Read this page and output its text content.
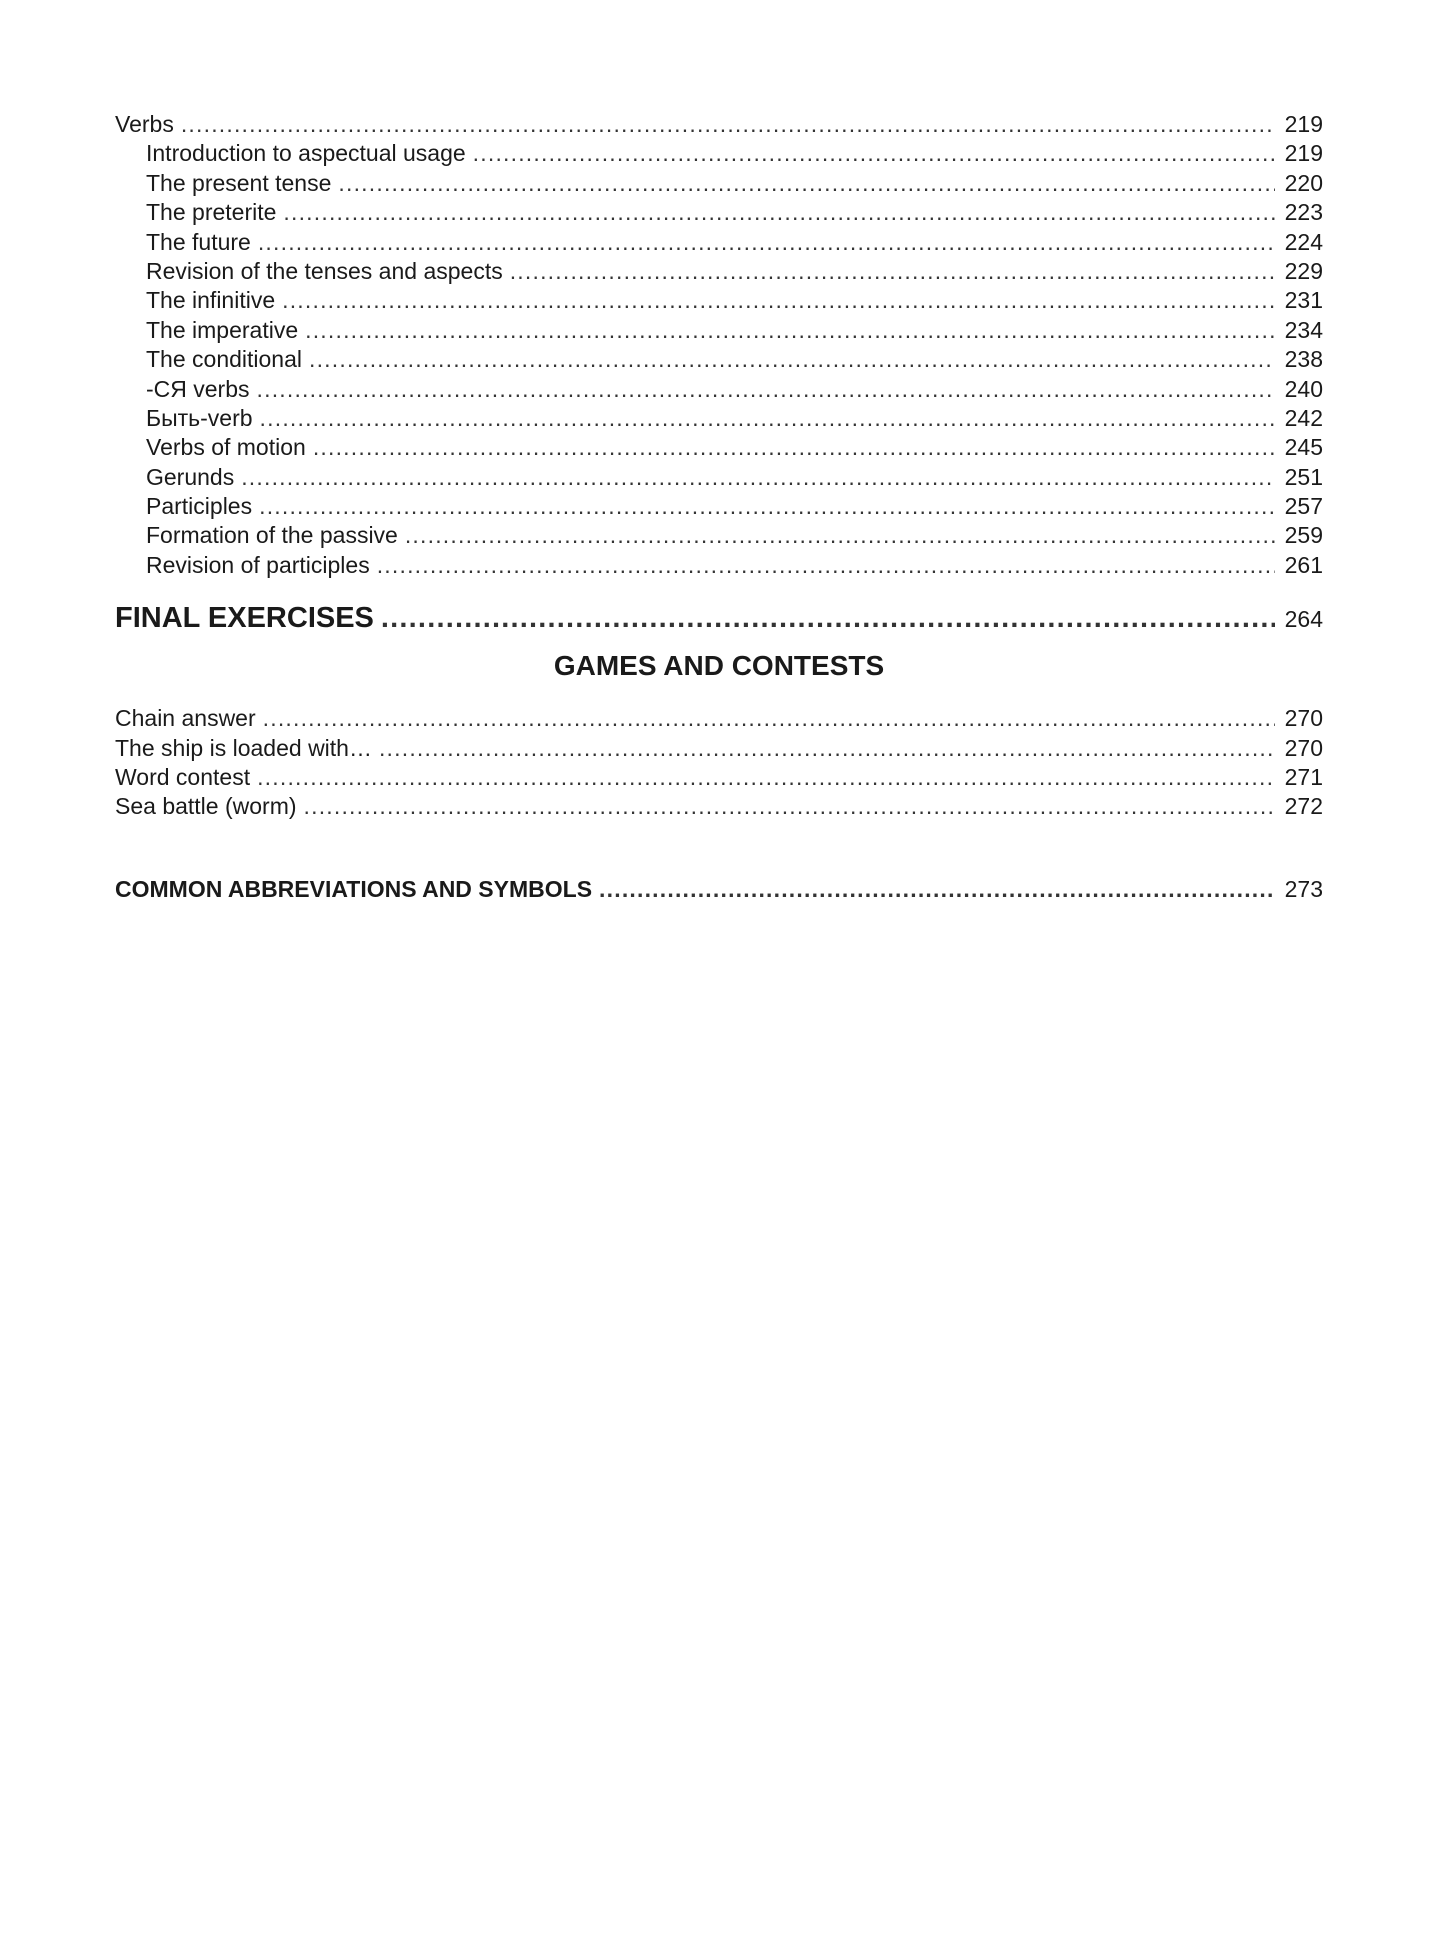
Verbs .....	219
Introduction to aspectual usage .....	219
The present tense .....	220
The preterite .....	223
The future .....	224
Revision of the tenses and aspects .....	229
The infinitive .....	231
The imperative .....	234
The conditional .....	238
-СЯ verbs .....	240
Быть-verb .....	242
Verbs of motion .....	245
Gerunds .....	251
Participles .....	257
Formation of the passive .....	259
Revision of participles .....	261
FINAL EXERCISES .....	264
GAMES AND CONTESTS
Chain answer .....	270
The ship is loaded with… .....	270
Word contest .....	271
Sea battle (worm) .....	272
COMMON ABBREVIATIONS AND SYMBOLS .....	273
